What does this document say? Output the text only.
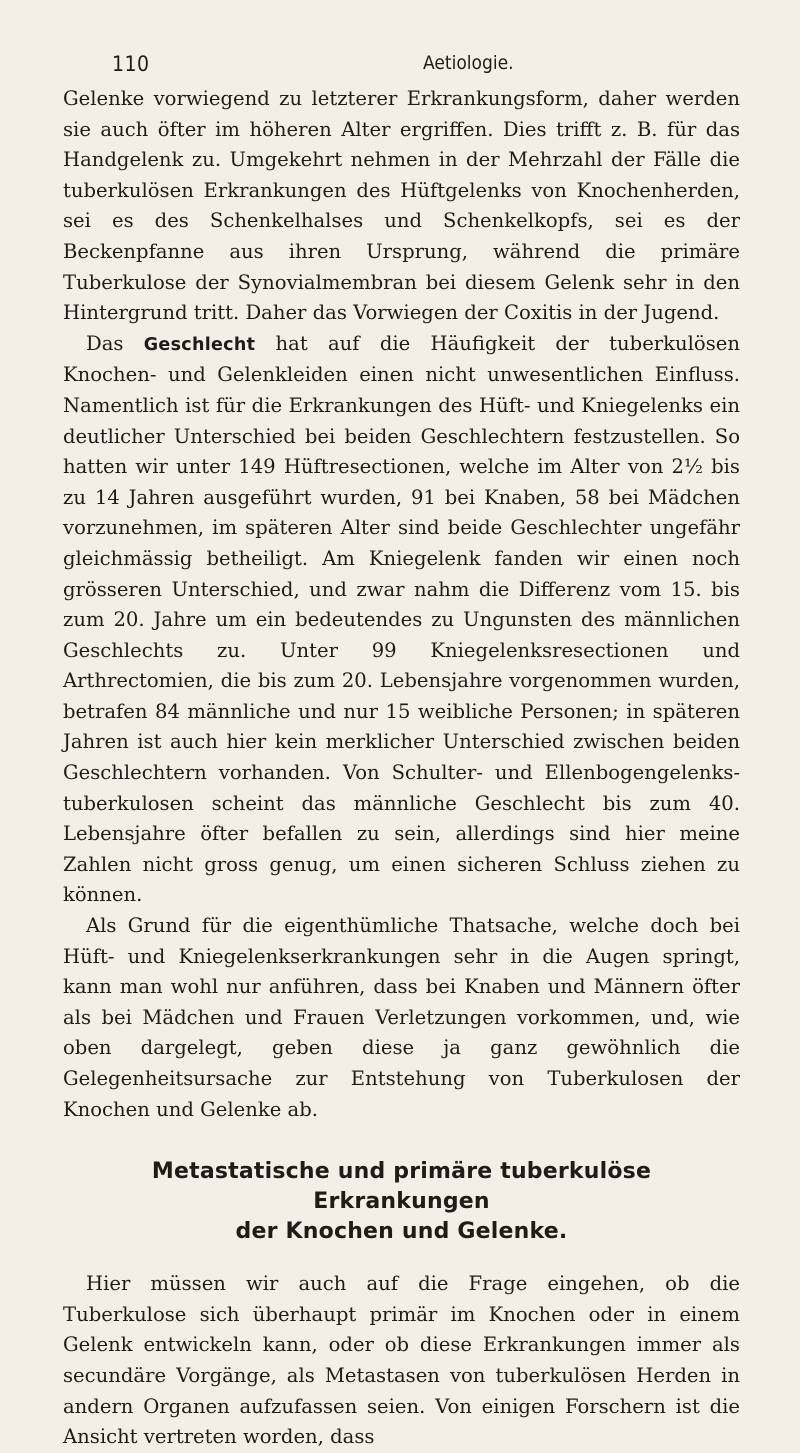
110	Aetiologie.

Gelenke vorwiegend zu letzterer Erkrankungsform, daher werden sie auch öfter im höheren Alter ergriffen. Dies trifft z. B. für das Handgelenk zu. Umgekehrt nehmen in der Mehrzahl der Fälle die tuberkulösen Erkrankungen des Hüftgelenks von Knochenherden, sei es des Schenkelhalses und Schenkelkopfs, sei es der Beckenpfanne aus ihren Ursprung, während die primäre Tuberkulose der Synovialmembran bei diesem Gelenk sehr in den Hintergrund tritt. Daher das Vorwiegen der Coxitis in der Jugend.

Das Geschlecht hat auf die Häufigkeit der tuberkulösen Knochen- und Gelenkleiden einen nicht unwesentlichen Einfluss. Namentlich ist für die Erkrankungen des Hüft- und Kniegelenks ein deutlicher Unterschied bei beiden Geschlechtern festzustellen. So hatten wir unter 149 Hüftresectionen, welche im Alter von 2½ bis zu 14 Jahren ausgeführt wurden, 91 bei Knaben, 58 bei Mädchen vorzunehmen, im späteren Alter sind beide Geschlechter ungefähr gleichmässig betheiligt. Am Kniegelenk fanden wir einen noch grösseren Unterschied, und zwar nahm die Differenz vom 15. bis zum 20. Jahre um ein bedeutendes zu Ungunsten des männlichen Geschlechts zu. Unter 99 Kniegelenksresectionen und Arthrectomien, die bis zum 20. Lebensjahre vorgenommen wurden, betrafen 84 männliche und nur 15 weibliche Personen; in späteren Jahren ist auch hier kein merklicher Unterschied zwischen beiden Geschlechtern vorhanden. Von Schulter- und Ellenbogengelenkstuberkulosen scheint das männliche Geschlecht bis zum 40. Lebensjahre öfter befallen zu sein, allerdings sind hier meine Zahlen nicht gross genug, um einen sicheren Schluss ziehen zu können.

Als Grund für die eigenthümliche Thatsache, welche doch bei Hüft- und Kniegelenkserkrankungen sehr in die Augen springt, kann man wohl nur anführen, dass bei Knaben und Männern öfter als bei Mädchen und Frauen Verletzungen vorkommen, und, wie oben dargelegt, geben diese ja ganz gewöhnlich die Gelegenheitsursache zur Entstehung von Tuberkulosen der Knochen und Gelenke ab.

Metastatische und primäre tuberkulöse Erkrankungen
der Knochen und Gelenke.

Hier müssen wir auch auf die Frage eingehen, ob die Tuberkulose sich überhaupt primär im Knochen oder in einem Gelenk entwickeln kann, oder ob diese Erkrankungen immer als secundäre Vorgänge, als Metastasen von tuberkulösen Herden in andern Organen aufzufassen seien. Von einigen Forschern ist die Ansicht vertreten worden, dass
